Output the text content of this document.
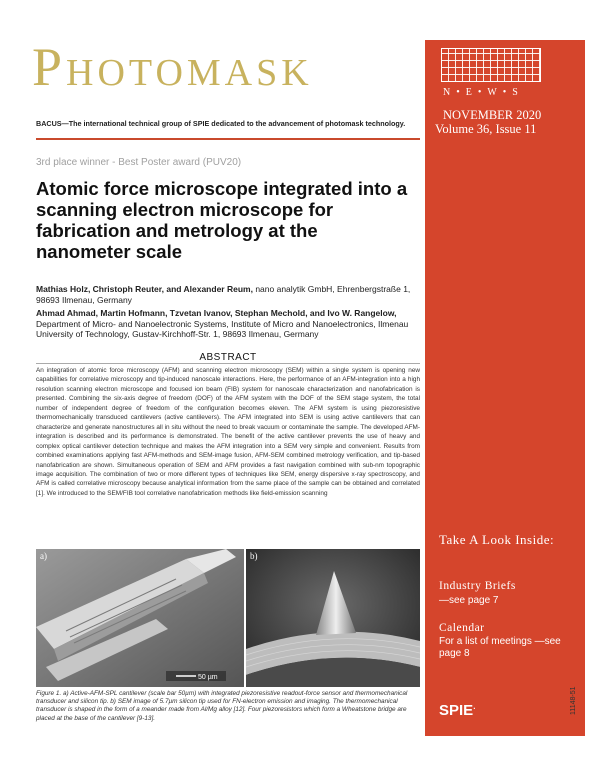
Photomask
BACUS—The international technical group of SPIE dedicated to the advancement of photomask technology.
N•E•W•S
NOVEMBER 2020
Volume 36, Issue 11
Take A Look Inside:
Industry Briefs
—see page 7
Calendar
For a list of meetings —see page 8
SPIE.	11148-51
3rd place winner - Best Poster award (PUV20)
Atomic force microscope integrated into a scanning electron microscope for fabrication and metrology at the nanometer scale
Mathias Holz, Christoph Reuter, and Alexander Reum, nano analytik GmbH, Ehrenbergstraße 1, 98693 Ilmenau, Germany
Ahmad Ahmad, Martin Hofmann, Tzvetan Ivanov, Stephan Mechold, and Ivo W. Rangelow, Department of Micro- and Nanoelectronic Systems, Institute of Micro and Nanoelectronics, Ilmenau University of Technology, Gustav-Kirchhoff-Str. 1, 98693 Ilmenau, Germany
ABSTRACT
An integration of atomic force microscopy (AFM) and scanning electron microscopy (SEM) within a single system is opening new capabilities for correlative microscopy and tip-induced nanoscale interactions. Here, the performance of an AFM-integration into a high resolution scanning electron microscope and focused ion beam (FIB) system for nanoscale characterization and nanofabrication is presented. Combining the six-axis degree of freedom (DOF) of the AFM system with the DOF of the SEM stage system, the total number of independent degree of freedom of the configuration becomes eleven. The AFM system is using piezoresistive thermomechanically transduced cantilevers (active cantilevers). The AFM integrated into SEM is using active cantilevers that can characterize and generate nanostructures all in situ without the need to break vacuum or contaminate the sample. The developed AFM-integration is described and its performance is demonstrated. The benefit of the active cantilever prevents the use of heavy and complex optical cantilever detection technique and makes the AFM integration into a SEM very simple and convenient. Results from combined examinations applying fast AFM-methods and SEM-image fusion, AFM-SEM combined metrology verification, and tip-based nanofabrication are shown. Simultaneous operation of SEM and AFM provides a fast navigation combined with sub-nm topographic image acquisition. The combination of two or more different types of techniques like SEM, energy dispersive x-ray spectroscopy, and AFM is called correlative microscopy because analytical information from the same place of the sample can be obtained and correlated [1]. We introduced to the SEM/FIB tool correlative nanofabrication methods like field-emission scanning
50 µm
a)	b)
Figure 1. a) Active-AFM-SPL cantilever (scale bar 50µm) with integrated piezoresistive readout-force sensor and thermomechanical transducer and silicon tip. b) SEM image of 5.7µm silicon tip used for FN-electron emission and imaging. The thermomechanical transducer is shaped in the form of a meander made from Al/Mg alloy [12]. Four piezoresistors which form a Wheatstone bridge are placed at the base of the cantilever [9-13].
